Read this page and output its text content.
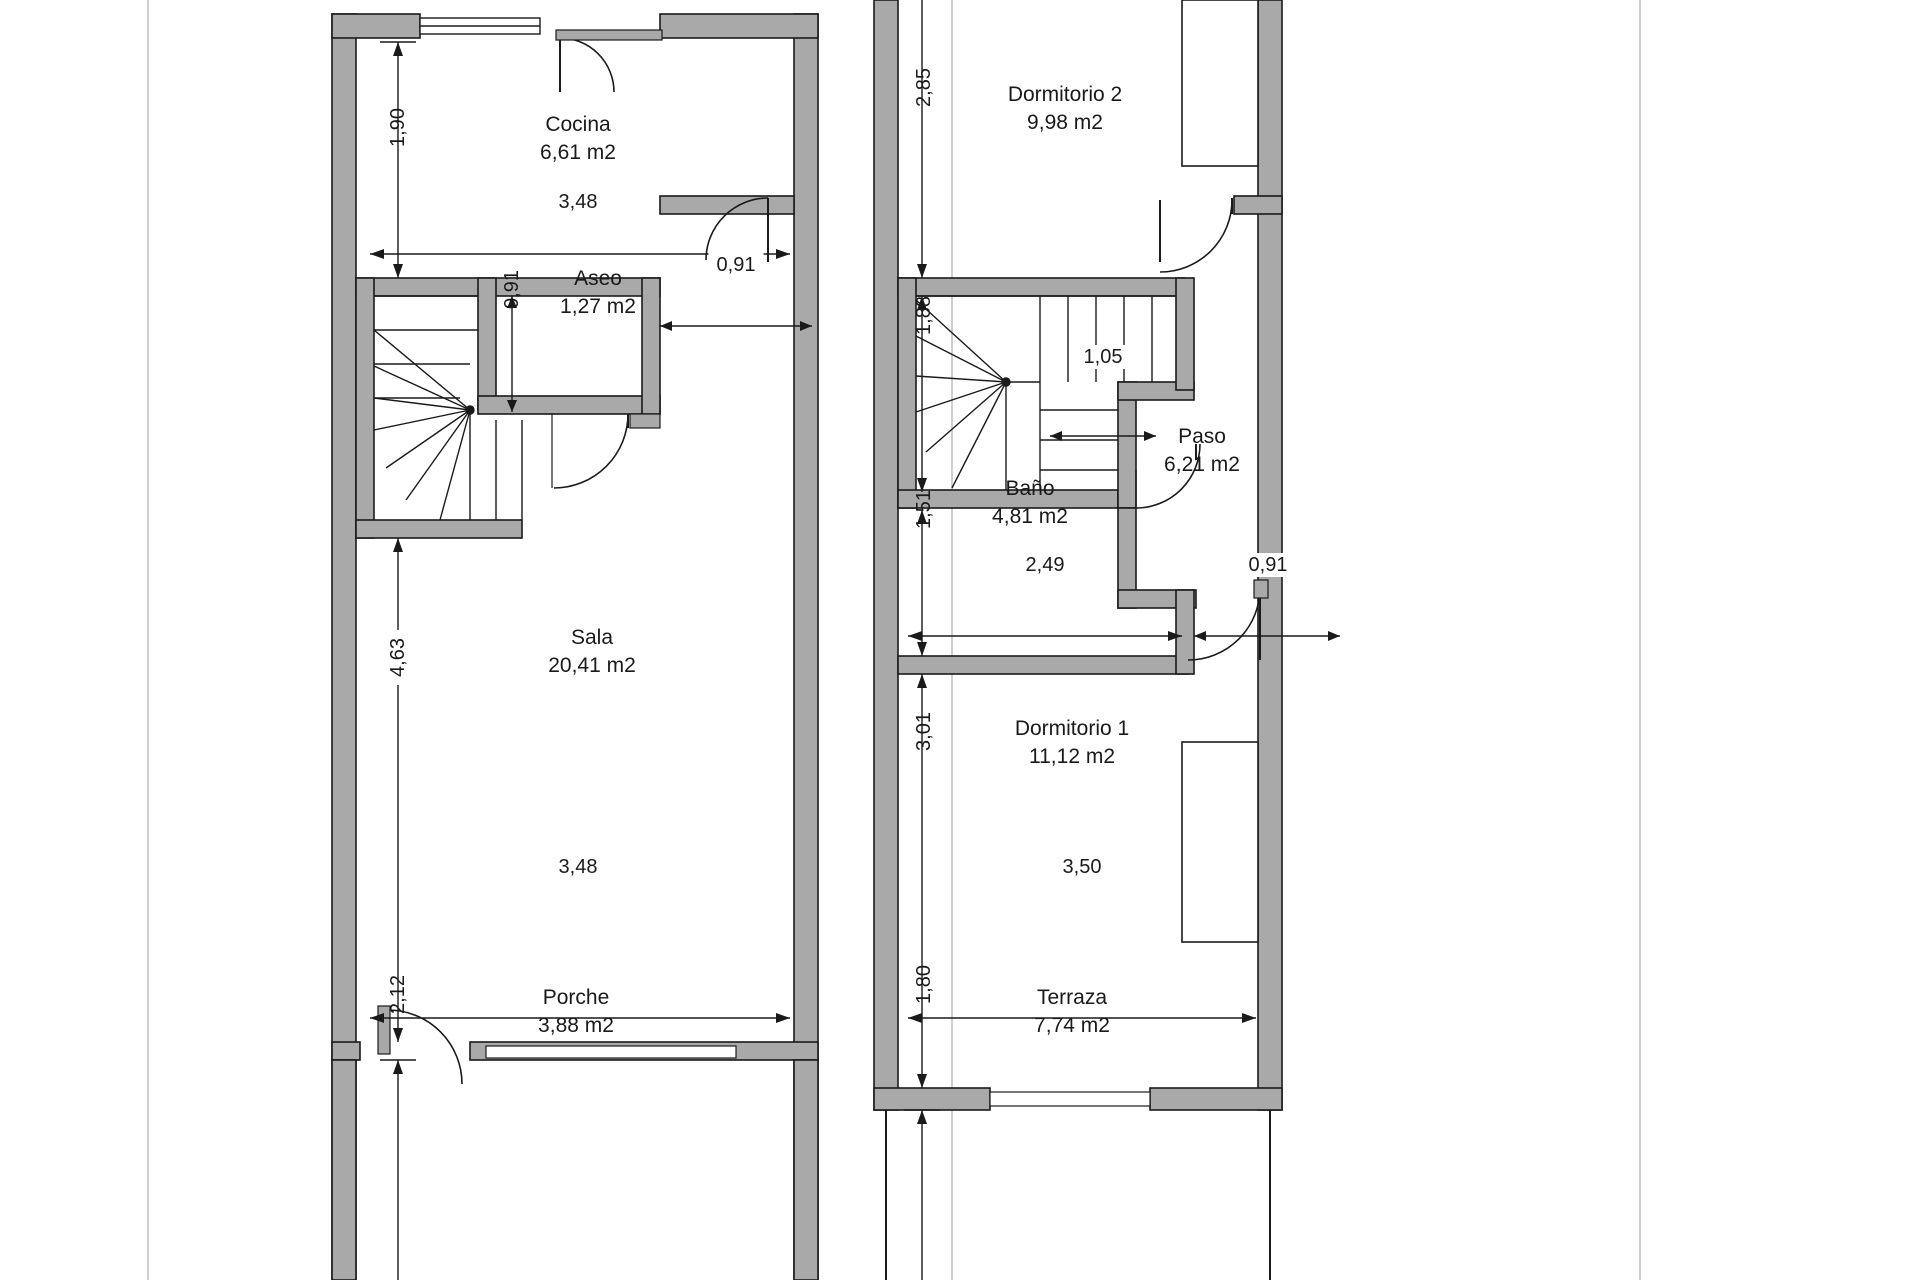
Cocina
6,61 m2
Aseo
1,27 m2
Sala
20,41 m2
Porche
3,88 m2
1,90
3,48
0,91
0,91
4,63
3,48
2,12
Dormitorio 2
9,98 m2
Paso
6,21 m2
Baño
4,81 m2
Dormitorio 1
11,12 m2
Terraza
7,74 m2
2,85
1,88
1,05
1,51
2,49	0,91
3,01
3,50
1,80
